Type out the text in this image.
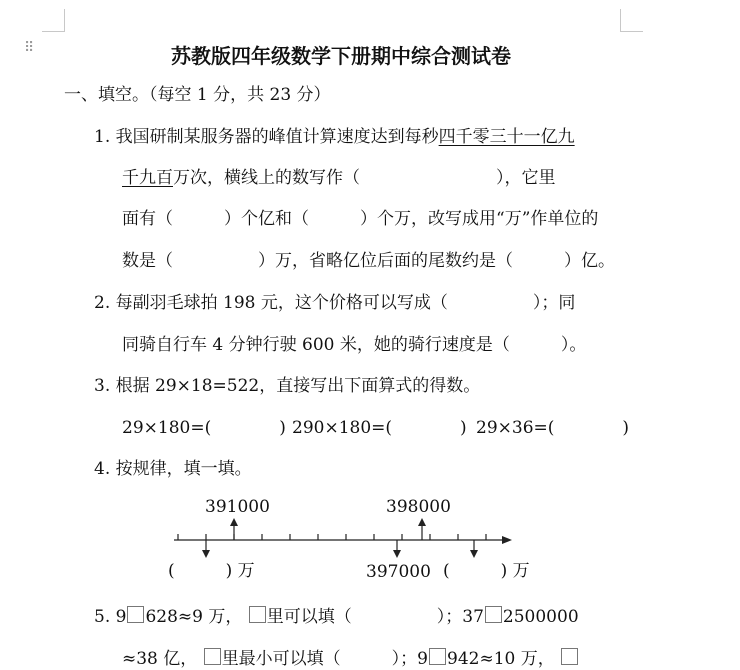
⠿	苏教版四年级数学下册期中综合测试卷
一、填空。（每空 1 分，共 23 分）
1. 我国研制某服务器的峰值计算速度达到每秒四千零三十一亿九
千九百万次，横线上的数写作（　　　　　　　　），它里
面有（　　　）个亿和（　　　）个万，改写成用“万”作单位的
数是（　　　　　）万，省略亿位后面的尾数约是（　　　）亿。
2. 每副羽毛球拍 198 元，这个价格可以写成（　　　　　）；同
同骑自行车 4 分钟行驶 600 米，她的骑行速度是（　　　）。
3. 根据 29×18=522，直接写出下面算式的得数。
29×180=(　　　　) 290×180=(　　　　) 29×36=(　　　　)
4. 按规律，填一填。
391000	398000
(　　　) 万	397000 (　　　) 万
5. 9 628≈9 万， 里可以填（　　　　　）；37 2500000
≈38 亿， 里最小可以填（　　　）；9 942≈10 万，
